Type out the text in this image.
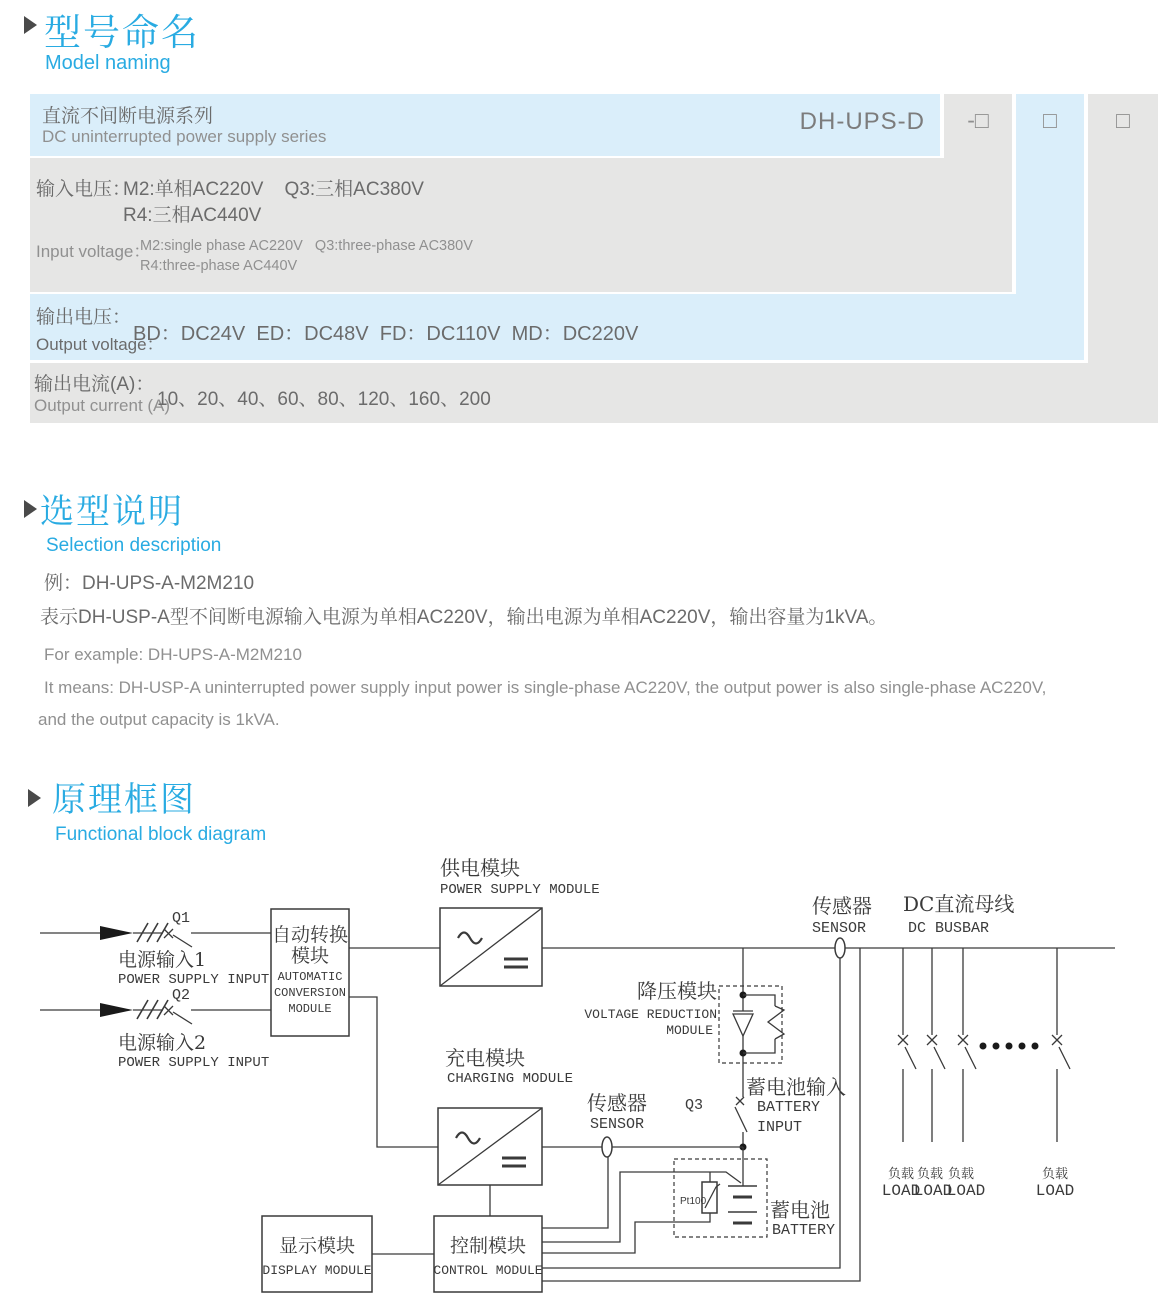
型号命名
Model naming
直流不间断电源系列
DC uninterrupted power supply series
DH-UPS-D	-□	□	□
输入电压：
M2:单相AC220V    Q3:三相AC380V
R4:三相AC440V
Input voltage：
M2:single phase AC220V   Q3:three-phase AC380V
R4:three-phase AC440V
输出电压：
Output voltage：
BD：DC24V  ED：DC48V  FD：DC110V  MD：DC220V
输出电流(A)：
Output current (A)
10、20、40、60、80、120、160、200
选型说明
Selection description
例：DH-UPS-A-M2M210
表示DH-USP-A型不间断电源输入电源为单相AC220V，输出电源为单相AC220V，输出容量为1kVA。
For example: DH-UPS-A-M2M210
It means: DH-USP-A uninterrupted power supply input power is single-phase AC220V, the output power is also single-phase AC220V,
and the output capacity is 1kVA.
原理框图
Functional block diagram
Q1
电源输入1
POWER SUPPLY INPUT
Q2
电源输入2
POWER SUPPLY INPUT
自动转换
模块
AUTOMATIC
CONVERSION
MODULE
供电模块
POWER SUPPLY MODULE
传感器
SENSOR
DC直流母线
DC BUSBAR
降压模块
VOLTAGE REDUCTION
MODULE
蓄电池输入
Q3	BATTERY
INPUT
充电模块
CHARGING MODULE
传感器
SENSOR
Pt100	蓄电池
BATTERY
显示模块
DISPLAY MODULE
控制模块
CONTROL MODULE
负载 负载 负载	负载
LOAD
LOAD
LOAD	LOAD
